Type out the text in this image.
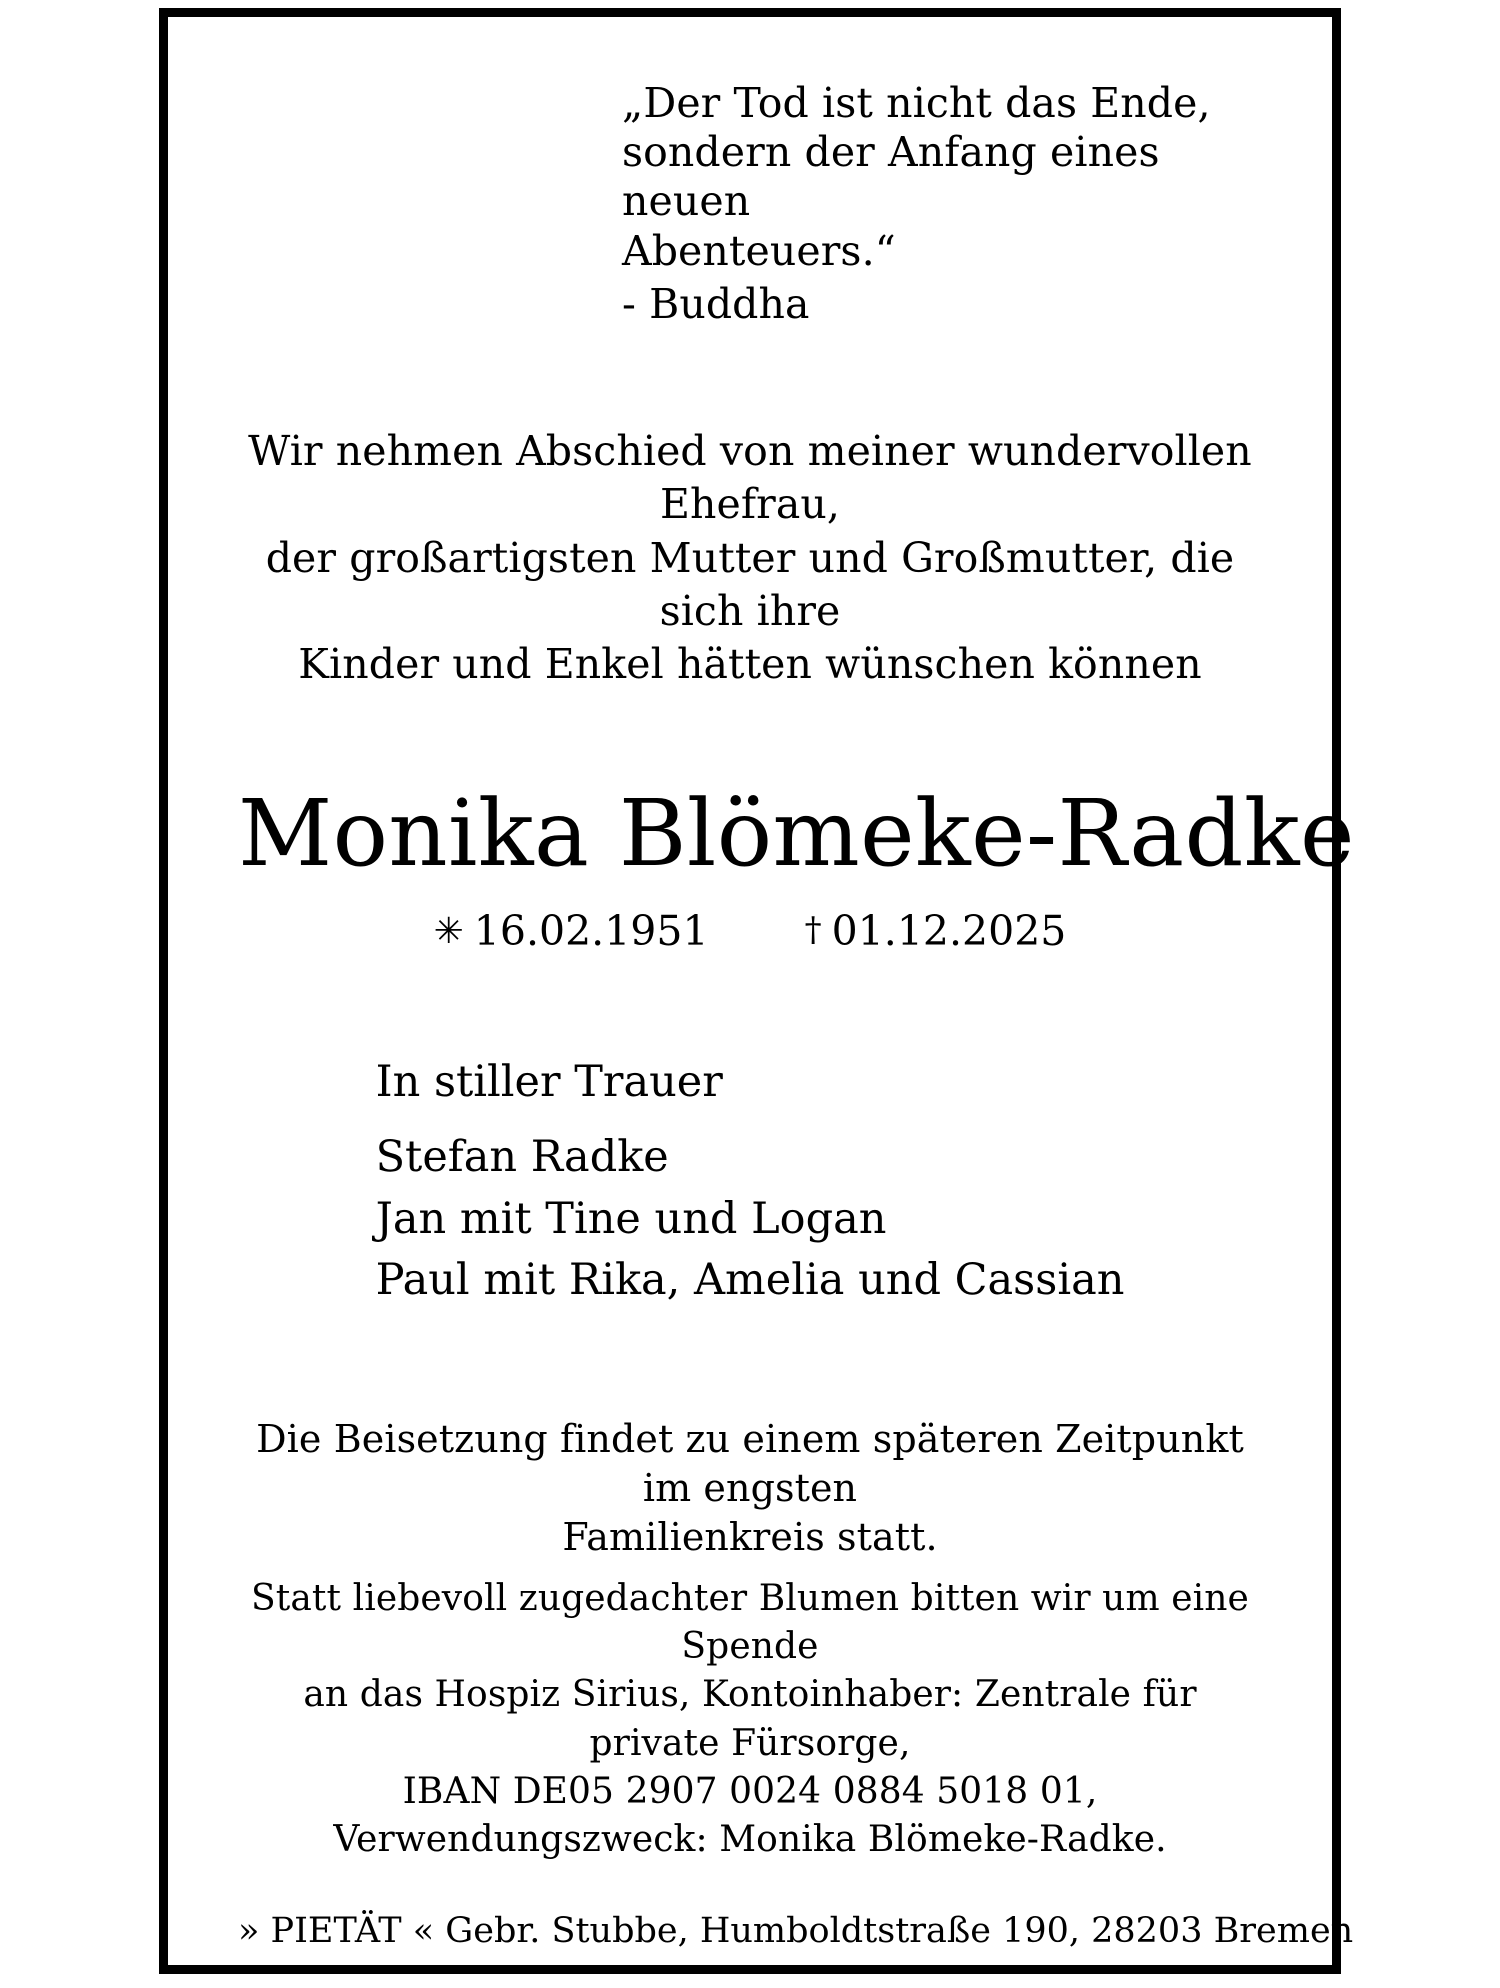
„Der Tod ist nicht das Ende,
sondern der Anfang eines neuen
Abenteuers.“
- Buddha
Wir nehmen Abschied von meiner wundervollen Ehefrau,
der großartigsten Mutter und Großmutter, die sich ihre
Kinder und Enkel hätten wünschen können
Monika Blömeke-Radke
✳ 16.02.1951	† 01.12.2025
In stiller Trauer
Stefan Radke
Jan mit Tine und Logan
Paul mit Rika, Amelia und Cassian
Die Beisetzung findet zu einem späteren Zeitpunkt im engsten
Familienkreis statt.
Statt liebevoll zugedachter Blumen bitten wir um eine Spende
an das Hospiz Sirius, Kontoinhaber: Zentrale für private Fürsorge,
IBAN DE05 2907 0024 0884 5018 01,
Verwendungszweck: Monika Blömeke-Radke.
» PIETÄT « Gebr. Stubbe, Humboldtstraße 190, 28203 Bremen
